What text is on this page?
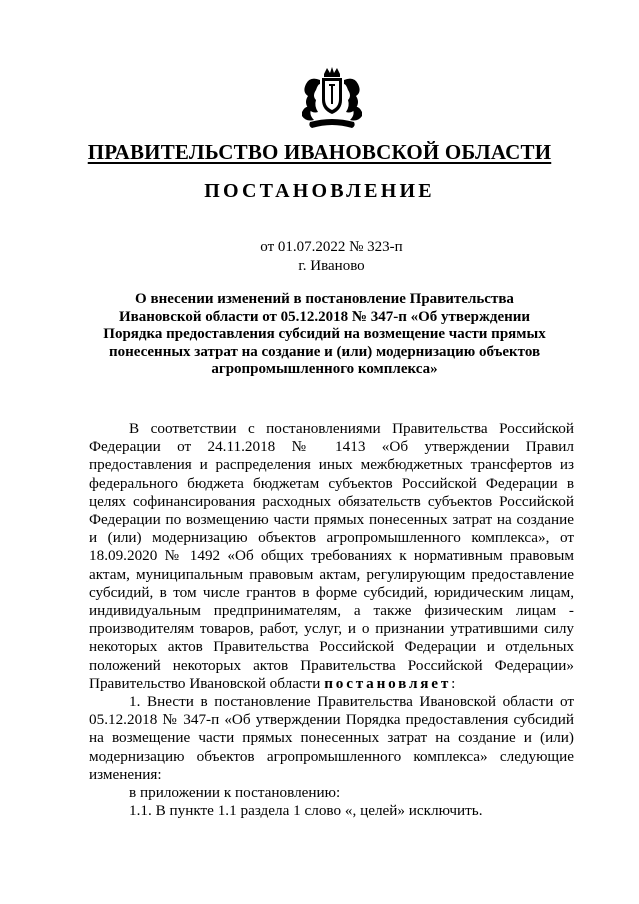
ПРАВИТЕЛЬСТВО ИВАНОВСКОЙ ОБЛАСТИ
ПОСТАНОВЛЕНИЕ
от 01.07.2022 № 323-п
г. Иваново
О внесении изменений в постановление Правительства Ивановской области от 05.12.2018 № 347-п «Об утверждении Порядка предоставления субсидий на возмещение части прямых понесенных затрат на создание и (или) модернизацию объектов агропромышленного комплекса»

В соответствии с постановлениями Правительства Российской Федерации от 24.11.2018 № 1413 «Об утверждении Правил предоставления и распределения иных межбюджетных трансфертов из федерального бюджета бюджетам субъектов Российской Федерации в целях софинансирования расходных обязательств субъектов Российской Федерации по возмещению части прямых понесенных затрат на создание и (или) модернизацию объектов агропромышленного комплекса», от 18.09.2020 № 1492 «Об общих требованиях к нормативным правовым актам, муниципальным правовым актам, регулирующим предоставление субсидий, в том числе грантов в форме субсидий, юридическим лицам, индивидуальным предпринимателям, а также физическим лицам - производителям товаров, работ, услуг, и о признании утратившими силу некоторых актов Правительства Российской Федерации и отдельных положений некоторых актов Правительства Российской Федерации» Правительство Ивановской области постановляет:

1. Внести в постановление Правительства Ивановской области от 05.12.2018 № 347-п «Об утверждении Порядка предоставления субсидий на возмещение части прямых понесенных затрат на создание и (или) модернизацию объектов агропромышленного комплекса» следующие изменения:

в приложении к постановлению:

1.1. В пункте 1.1 раздела 1 слово «, целей» исключить.
